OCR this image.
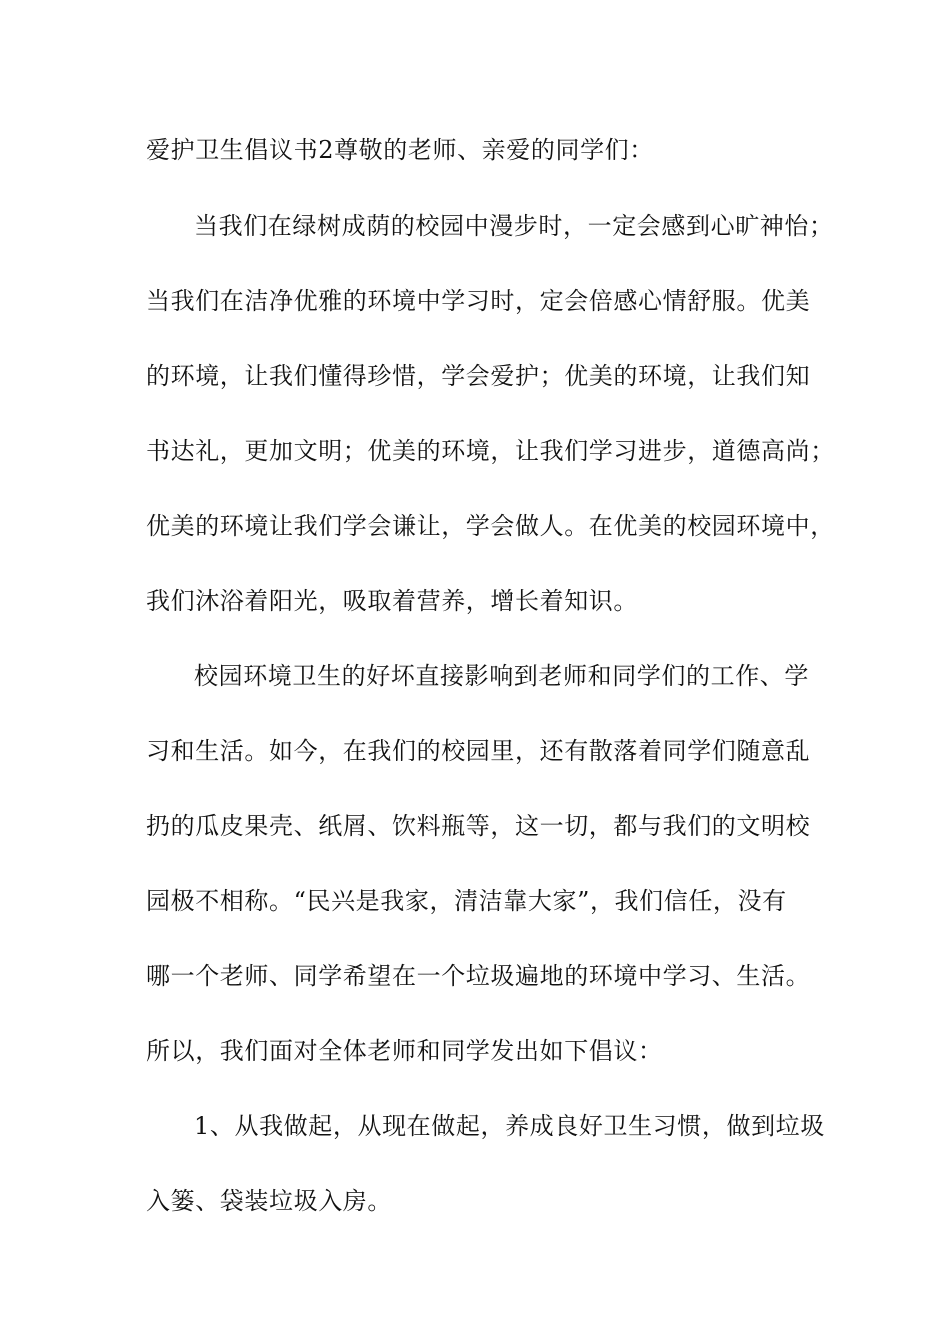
爱护卫生倡议书2尊敬的老师、亲爱的同学们：
当我们在绿树成荫的校园中漫步时，一定会感到心旷神怡；
当我们在洁净优雅的环境中学习时，定会倍感心情舒服。优美
的环境，让我们懂得珍惜，学会爱护；优美的环境，让我们知
书达礼，更加文明；优美的环境，让我们学习进步，道德高尚；
优美的环境让我们学会谦让，学会做人。在优美的校园环境中，
我们沐浴着阳光，吸取着营养，增长着知识。
校园环境卫生的好坏直接影响到老师和同学们的工作、学
习和生活。如今，在我们的校园里，还有散落着同学们随意乱
扔的瓜皮果壳、纸屑、饮料瓶等，这一切，都与我们的文明校
园极不相称。“民兴是我家，清洁靠大家”，我们信任，没有
哪一个老师、同学希望在一个垃圾遍地的环境中学习、生活。
所以，我们面对全体老师和同学发出如下倡议：
1、从我做起，从现在做起，养成良好卫生习惯，做到垃圾
入篓、袋装垃圾入房。
